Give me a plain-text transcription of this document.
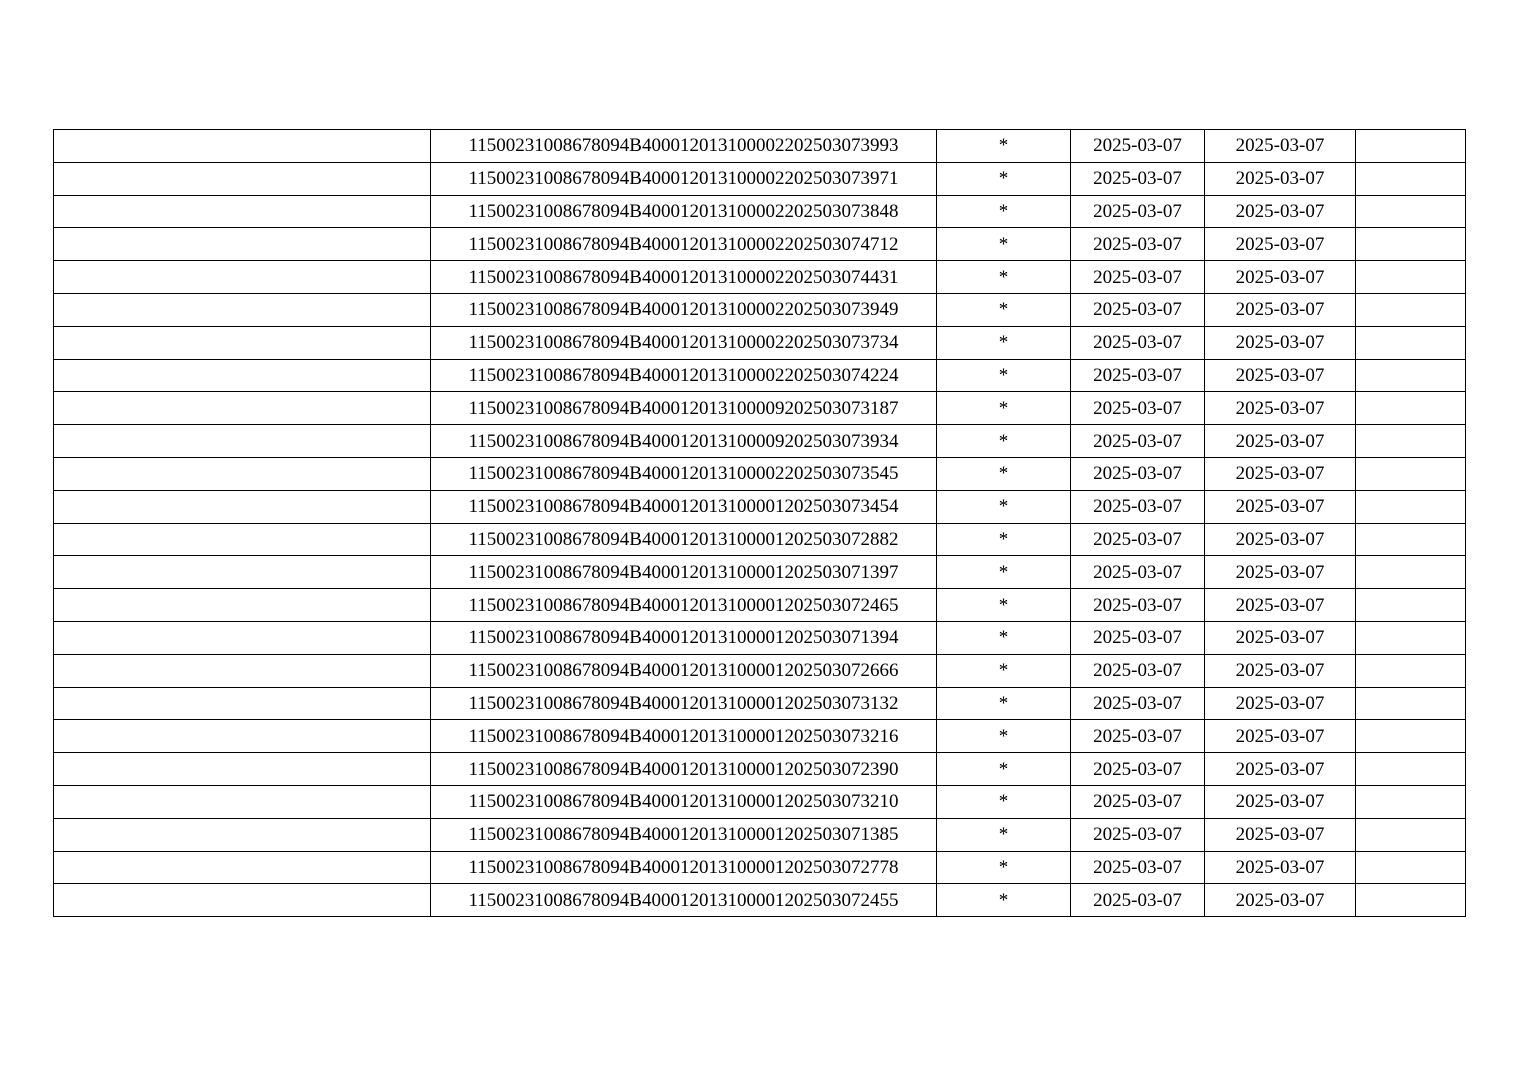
	11500231008678094B400012013100002202503073993	*	2025-03-07	2025-03-07	
	11500231008678094B400012013100002202503073971	*	2025-03-07	2025-03-07	
	11500231008678094B400012013100002202503073848	*	2025-03-07	2025-03-07	
	11500231008678094B400012013100002202503074712	*	2025-03-07	2025-03-07	
	11500231008678094B400012013100002202503074431	*	2025-03-07	2025-03-07	
	11500231008678094B400012013100002202503073949	*	2025-03-07	2025-03-07	
	11500231008678094B400012013100002202503073734	*	2025-03-07	2025-03-07	
	11500231008678094B400012013100002202503074224	*	2025-03-07	2025-03-07	
	11500231008678094B400012013100009202503073187	*	2025-03-07	2025-03-07	
	11500231008678094B400012013100009202503073934	*	2025-03-07	2025-03-07	
	11500231008678094B400012013100002202503073545	*	2025-03-07	2025-03-07	
	11500231008678094B400012013100001202503073454	*	2025-03-07	2025-03-07	
	11500231008678094B400012013100001202503072882	*	2025-03-07	2025-03-07	
	11500231008678094B400012013100001202503071397	*	2025-03-07	2025-03-07	
	11500231008678094B400012013100001202503072465	*	2025-03-07	2025-03-07	
	11500231008678094B400012013100001202503071394	*	2025-03-07	2025-03-07	
	11500231008678094B400012013100001202503072666	*	2025-03-07	2025-03-07	
	11500231008678094B400012013100001202503073132	*	2025-03-07	2025-03-07	
	11500231008678094B400012013100001202503073216	*	2025-03-07	2025-03-07	
	11500231008678094B400012013100001202503072390	*	2025-03-07	2025-03-07	
	11500231008678094B400012013100001202503073210	*	2025-03-07	2025-03-07	
	11500231008678094B400012013100001202503071385	*	2025-03-07	2025-03-07	
	11500231008678094B400012013100001202503072778	*	2025-03-07	2025-03-07	
	11500231008678094B400012013100001202503072455	*	2025-03-07	2025-03-07	
